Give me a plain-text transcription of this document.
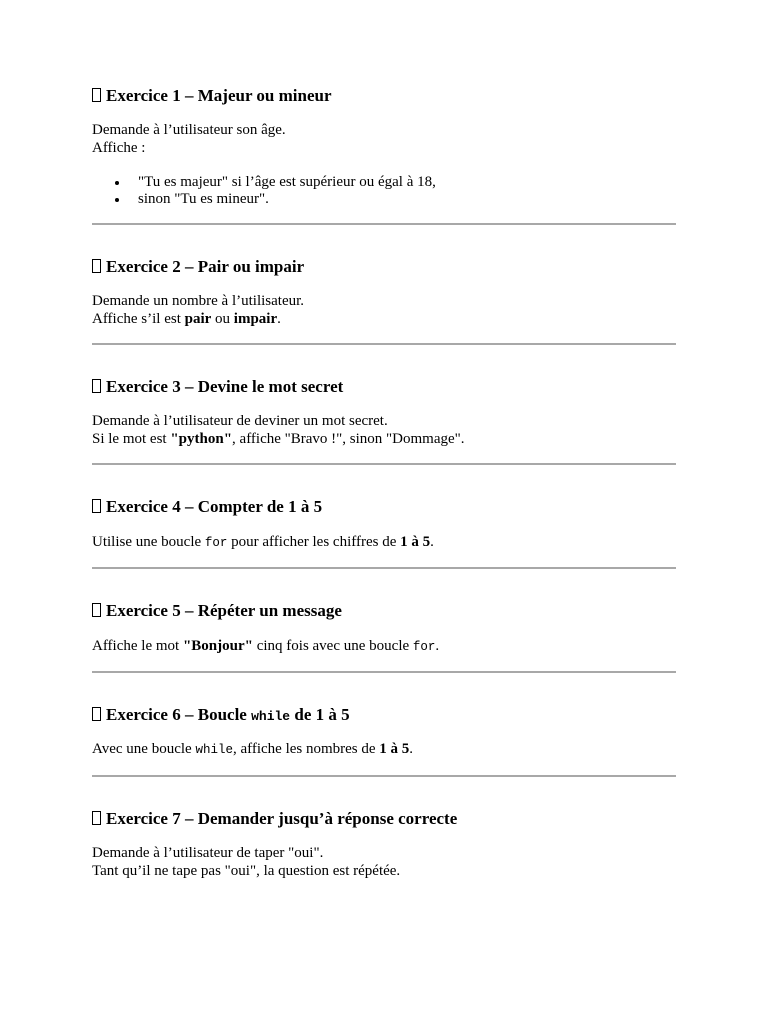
Exercice 1 – Majeur ou mineur

Demande à l’utilisateur son âge.

Affiche :

"Tu es majeur" si l’âge est supérieur ou égal à 18,
sinon "Tu es mineur".
Exercice 2 – Pair ou impair

Demande un nombre à l’utilisateur.

Affiche s’il est pair ou impair.

Exercice 3 – Devine le mot secret

Demande à l’utilisateur de deviner un mot secret.

Si le mot est "python", affiche "Bravo !", sinon "Dommage".

Exercice 4 – Compter de 1 à 5

Utilise une boucle for pour afficher les chiffres de 1 à 5.

Exercice 5 – Répéter un message

Affiche le mot "Bonjour" cinq fois avec une boucle for.

Exercice 6 – Boucle while de 1 à 5

Avec une boucle while, affiche les nombres de 1 à 5.

Exercice 7 – Demander jusqu’à réponse correcte

Demande à l’utilisateur de taper "oui".

Tant qu’il ne tape pas "oui", la question est répétée.
